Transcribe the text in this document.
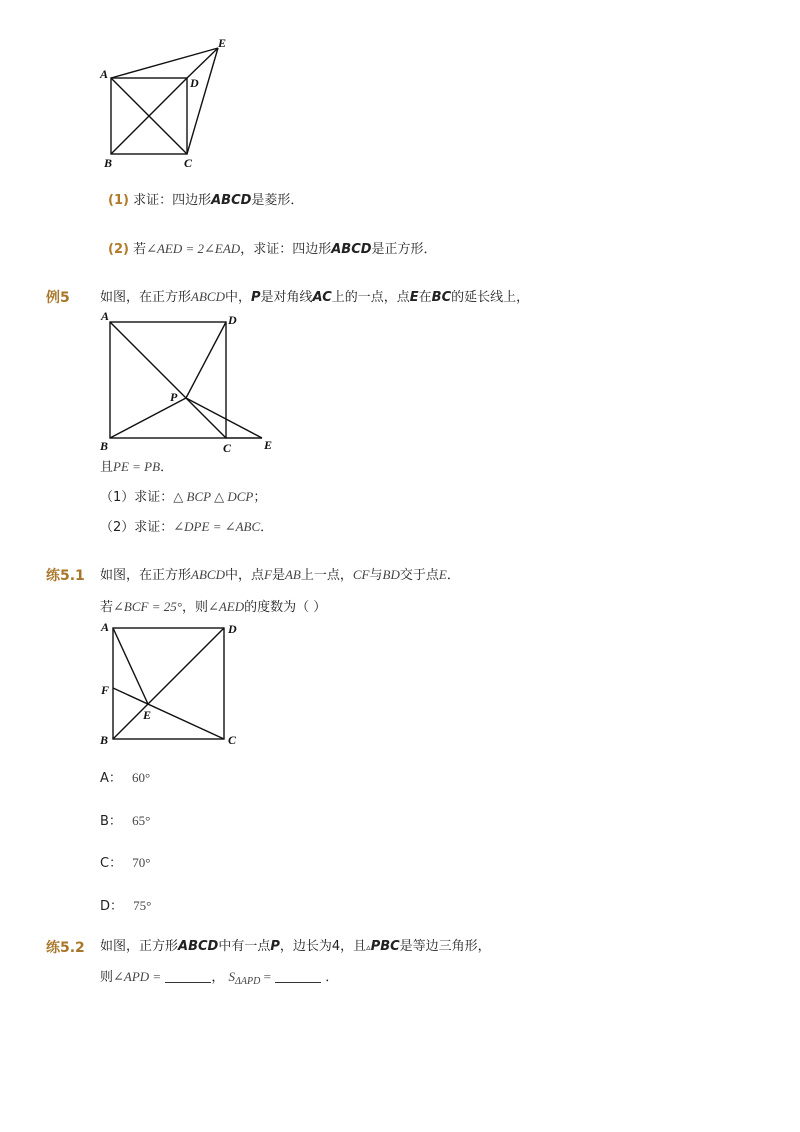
A
D
E
B	C
(1) 求证：四边形ABCD是菱形．
(2) 若∠AED = 2∠EAD，求证：四边形ABCD是正方形．
例5 如图，在正方形ABCD中，P是对角线AC上的一点，点E在BC的延长线上，
A	D
P
B	C	E
且PE = PB．
（1）求证：△ BCP △ DCP；
（2）求证：∠DPE = ∠ABC．
练5.1 如图，在正方形ABCD中，点F是AB上一点，CF与BD交于点E．
若∠BCF = 25°，则∠AED的度数为（ ）
A	D
F
E
B	C
A： 60°
B： 65°
C： 70°
D： 75°
练5.2 如图，正方形ABCD中有一点P，边长为4，且▵PBC是等边三角形，
则∠APD =	， $S_{\Delta APD}$ =	．
